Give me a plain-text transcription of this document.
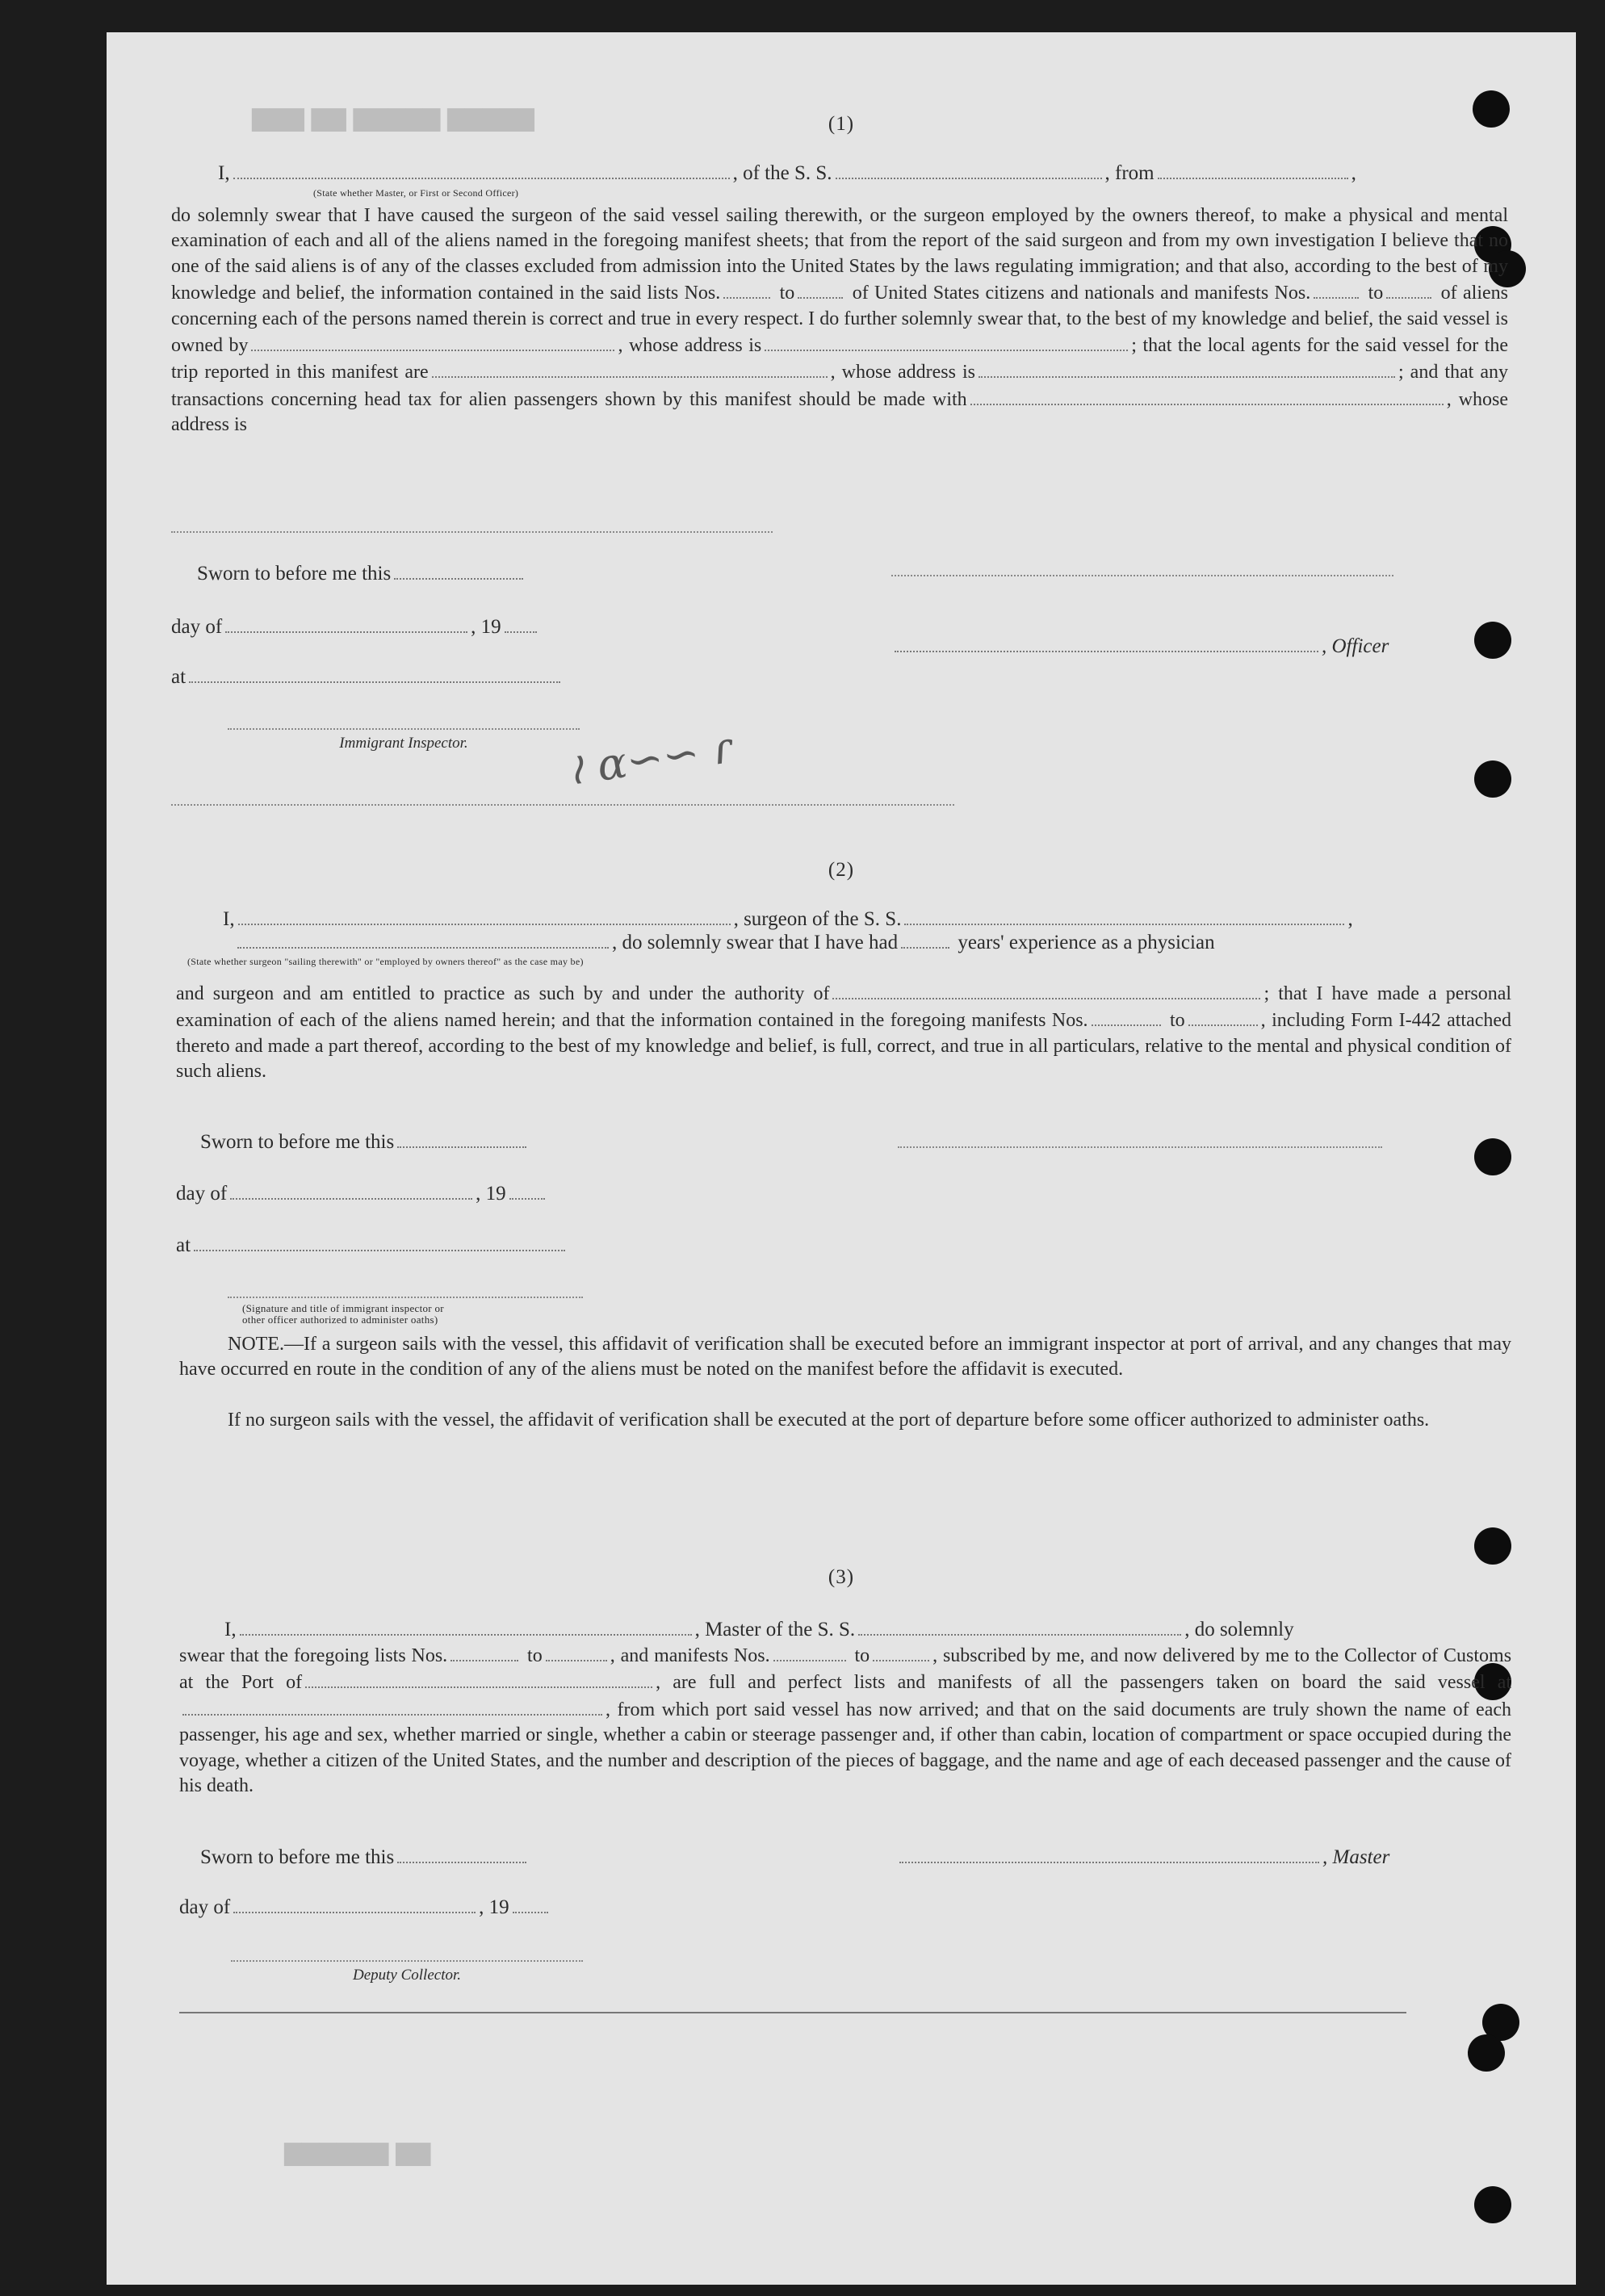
▇▇▇ ▇▇ ▇▇▇▇▇ ▇▇▇▇▇
▇▇▇▇▇▇ ▇▇
(1)
I,	, of the S. S.	, from	,
(State whether Master, or First or Second Officer)
do solemnly swear that I have caused the surgeon of the said vessel sailing therewith, or the surgeon employed by the owners thereof, to make a physical and mental examination of each and all of the aliens named in the foregoing manifest sheets; that from the report of the said surgeon and from my own investigation I believe that no one of the said aliens is of any of the classes excluded from admission into the United States by the laws regulating immigration; and that also, according to the best of my knowledge and belief, the information contained in the said lists Nos.	to	of United States citizens and nationals and manifests Nos.	to	of aliens concerning each of the persons named therein is correct and true in every respect. I do further solemnly swear that, to the best of my knowledge and belief, the said vessel is owned by	, whose address is	; that the local agents for the said vessel for the trip reported in this manifest are	, whose address is	; and that any transactions concerning head tax for alien passengers shown by this manifest should be made with	, whose address is
Sworn to before me this
day of	, 19
, Officer
at
Immigrant Inspector.	≀ ɑ∽∽ ɾ
(2)
I,	, surgeon of the S. S.	,
, do solemnly swear that I have had	years' experience as a physician
(State whether surgeon "sailing therewith" or "employed by owners thereof" as the case may be)
and surgeon and am entitled to practice as such by and under the authority of	; that I have made a personal examination of each of the aliens named herein; and that the information contained in the foregoing manifests Nos.	to	, including Form I-442 attached thereto and made a part thereof, according to the best of my knowledge and belief, is full, correct, and true in all particulars, relative to the mental and physical condition of such aliens.
Sworn to before me this
day of	, 19
at
(Signature and title of immigrant inspector or other officer authorized to administer oaths)
NOTE.—If a surgeon sails with the vessel, this affidavit of verification shall be executed before an immigrant inspector at port of arrival, and any changes that may have occurred en route in the condition of any of the aliens must be noted on the manifest before the affidavit is executed.
If no surgeon sails with the vessel, the affidavit of verification shall be executed at the port of departure before some officer authorized to administer oaths.
(3)
I,	, Master of the S. S.	, do solemnly
swear that the foregoing lists Nos.	to	, and manifests Nos.	to	, subscribed by me, and now delivered by me to the Collector of Customs at the Port of	, are full and perfect lists and manifests of all the passengers taken on board the said vessel at, from which port said vessel has now arrived; and that on the said documents are truly shown the name of each passenger, his age and sex, whether married or single, whether a cabin or steerage passenger and, if other than cabin, location of compartment or space occupied during the voyage, whether a citizen of the United States, and the number and description of the pieces of baggage, and the name and age of each deceased passenger and the cause of his death.
Sworn to before me this	, Master
day of	, 19
Deputy Collector.
